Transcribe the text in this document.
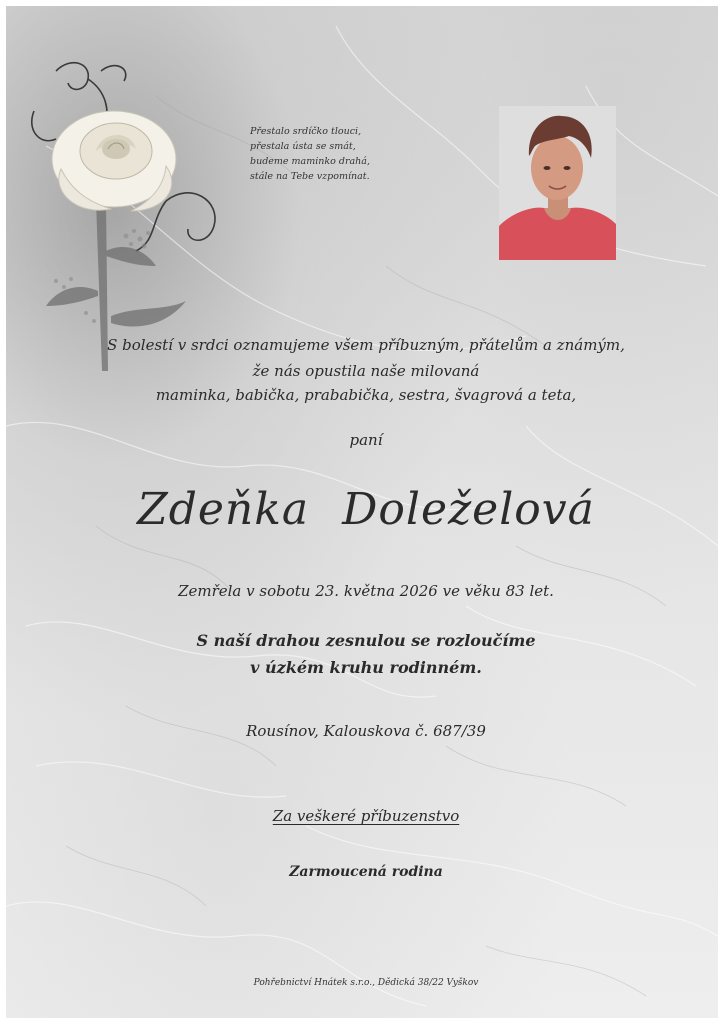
Přestalo srdíčko tlouci,
přestala ústa se smát,
budeme maminko drahá,
stále na Tebe vzpomínat.
S bolestí v srdci oznamujeme všem příbuzným, přátelům a známým,
že nás opustila naše milovaná
maminka, babička, prababička, sestra, švagrová a teta,
paní
Zdeňka Doleželová
Zemřela v sobotu 23. května 2026 ve věku 83 let.
S naší drahou zesnulou se rozloučíme
v úzkém kruhu rodinném.
Rousínov, Kalouskova č. 687/39
Za veškeré příbuzenstvo
Zarmoucená rodina
Pohřebnictví Hnátek s.r.o., Dědická 38/22 Vyškov
